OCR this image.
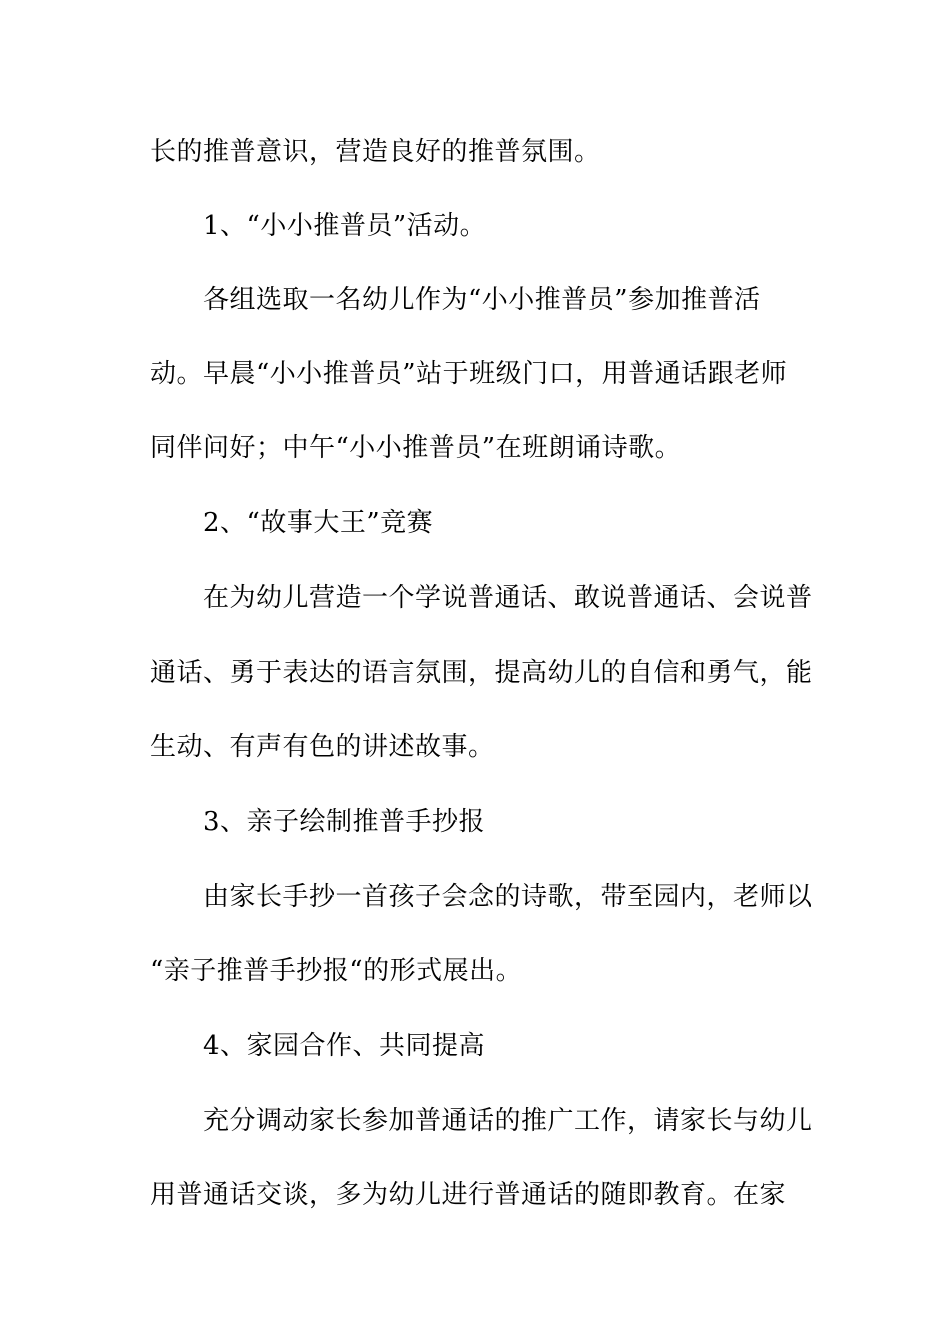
长的推普意识，营造良好的推普氛围。
1、“小小推普员”活动。
各组选取一名幼儿作为“小小推普员”参加推普活
动。早晨“小小推普员”站于班级门口，用普通话跟老师
同伴问好；中午“小小推普员”在班朗诵诗歌。
2、“故事大王”竞赛
在为幼儿营造一个学说普通话、敢说普通话、会说普
通话、勇于表达的语言氛围，提高幼儿的自信和勇气，能
生动、有声有色的讲述故事。
3、亲子绘制推普手抄报
由家长手抄一首孩子会念的诗歌，带至园内，老师以
“亲子推普手抄报“的形式展出。
4、家园合作、共同提高
充分调动家长参加普通话的推广工作，请家长与幼儿
用普通话交谈，多为幼儿进行普通话的随即教育。在家
